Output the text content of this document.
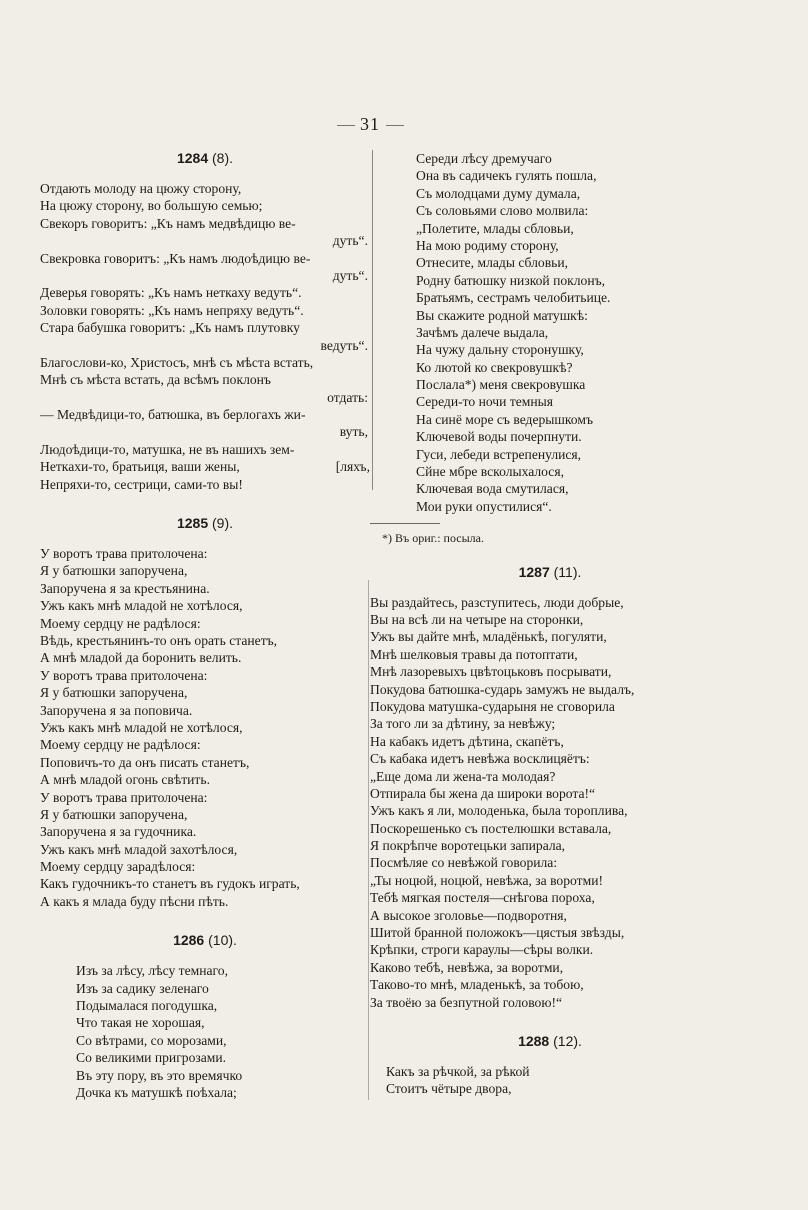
31
1284 (8).
Отдають молоду на цюжу сторону,
На цюжу сторону, во большую семью;
Свекоръ говоритъ: „Къ намъ медвѣдицю ве-
дуть“.
Свекровка говоритъ: „Къ намъ людоѣдицю ве-
дуть“.
Деверья говорять: „Къ намъ неткаху ведуть“.
Золовки говорять: „Къ намъ непряху ведуть“.
Стара бабушка говоритъ: „Къ намъ плутовку
ведуть“.
Благослови-ко, Христосъ, мнѣ съ мѣста встать,
Мнѣ съ мѣста встать, да всѣмъ поклонъ
отдать:
— Медвѣдици-то, батюшка, въ берлогахъ жи-
вуть,
Людоѣдици-то, матушка, не въ нашихъ зем-
Неткахи-то, братьиця, ваши жены,	[ляхъ,
Непряхи-то, сестрици, сами-то вы!
1285 (9).
У воротъ трава притолочена:
Я у батюшки запоручена,
Запоручена я за крестьянина.
Ужъ какъ мнѣ младой не хотѣлося,
Моему сердцу не радѣлося:
Вѣдь, крестьянинъ-то онъ орать станетъ,
А мнѣ младой да боронить велить.
У воротъ трава притолочена:
Я у батюшки запоручена,
Запоручена я за поповича.
Ужъ какъ мнѣ младой не хотѣлося,
Моему сердцу не радѣлося:
Поповичъ-то да онъ писать станетъ,
А мнѣ младой огонь свѣтить.
У воротъ трава притолочена:
Я у батюшки запоручена,
Запоручена я за гудочника.
Ужъ какъ мнѣ младой захотѣлося,
Моему сердцу зарадѣлося:
Какъ гудочникъ-то станетъ въ гудокъ играть,
А какъ я млада буду пѣсни пѣть.
1286 (10).
Изъ за лѣсу, лѣсу темнаго,
Изъ за садику зеленаго
Подымалася погодушка,
Что такая не хорошая,
Со вѣтрами, со морозами,
Со великими пригрозами.
Въ эту пору, въ это времячко
Дочка къ матушкѣ поѣхала;
Середи лѣсу дремучаго
Она въ садичекъ гулять пошла,
Съ молодцами думу думала,
Съ соловьями слово молвила:
„Полетите, млады сбловьи,
На мою родиму сторону,
Отнесите, млады сбловьи,
Родну батюшку низкой поклонъ,
Братьямъ, сестрамъ челобитьице.
Вы скажите родной матушкѣ:
Зачѣмъ далече выдала,
На чужу дальну сторонушку,
Ко лютой ко свекровушкѣ?
Послала*) меня свекровушка
Середи-то ночи темныя
На синё море съ ведерышкомъ
Ключевой воды почерпнути.
Гуси, лебеди встрепенулися,
Сйне мбре всколыхалося,
Ключевая вода смутилася,
Мои руки опустилися“.
*) Въ ориг.: посыла.
1287 (11).
Вы раздайтесь, разступитесь, люди добрые,
Вы на всѣ ли на четыре на сторонки,
Ужъ вы дайте мнѣ, младёнькѣ, погуляти,
Мнѣ шелковыя травы да потоптати,
Мнѣ лазоревыхъ цвѣтоцьковъ посрывати,
Покудова батюшка-сударь замужъ не выдалъ,
Покудова матушка-сударыня не сговорила
За того ли за дѣтину, за невѣжу;
На кабакъ идетъ дѣтина, скапётъ,
Съ кабака идетъ невѣжа восклицяётъ:
„Еще дома ли жена-та молодая?
Отпирала бы жена да широки ворота!“
Ужъ какъ я ли, молоденька, была тороплива,
Поскорешенько съ постелюшки вставала,
Я покрѣпче воротецьки запирала,
Посмѣляе со невѣжой говорила:
„Ты ноцюй, ноцюй, невѣжа, за воротми!
Тебѣ мягкая постеля—снѣгова пороха,
А высокое зголовье—подворотня,
Шитой бранной положокъ—цястыя звѣзды,
Крѣпки, строги караулы—сѣры волки.
Каково тебѣ, невѣжа, за воротми,
Таково-то мнѣ, младенькѣ, за тобою,
За твоёю за безпутной головою!“
1288 (12).
Какъ за рѣчкой, за рѣкой
Стоитъ чётыре двора,
